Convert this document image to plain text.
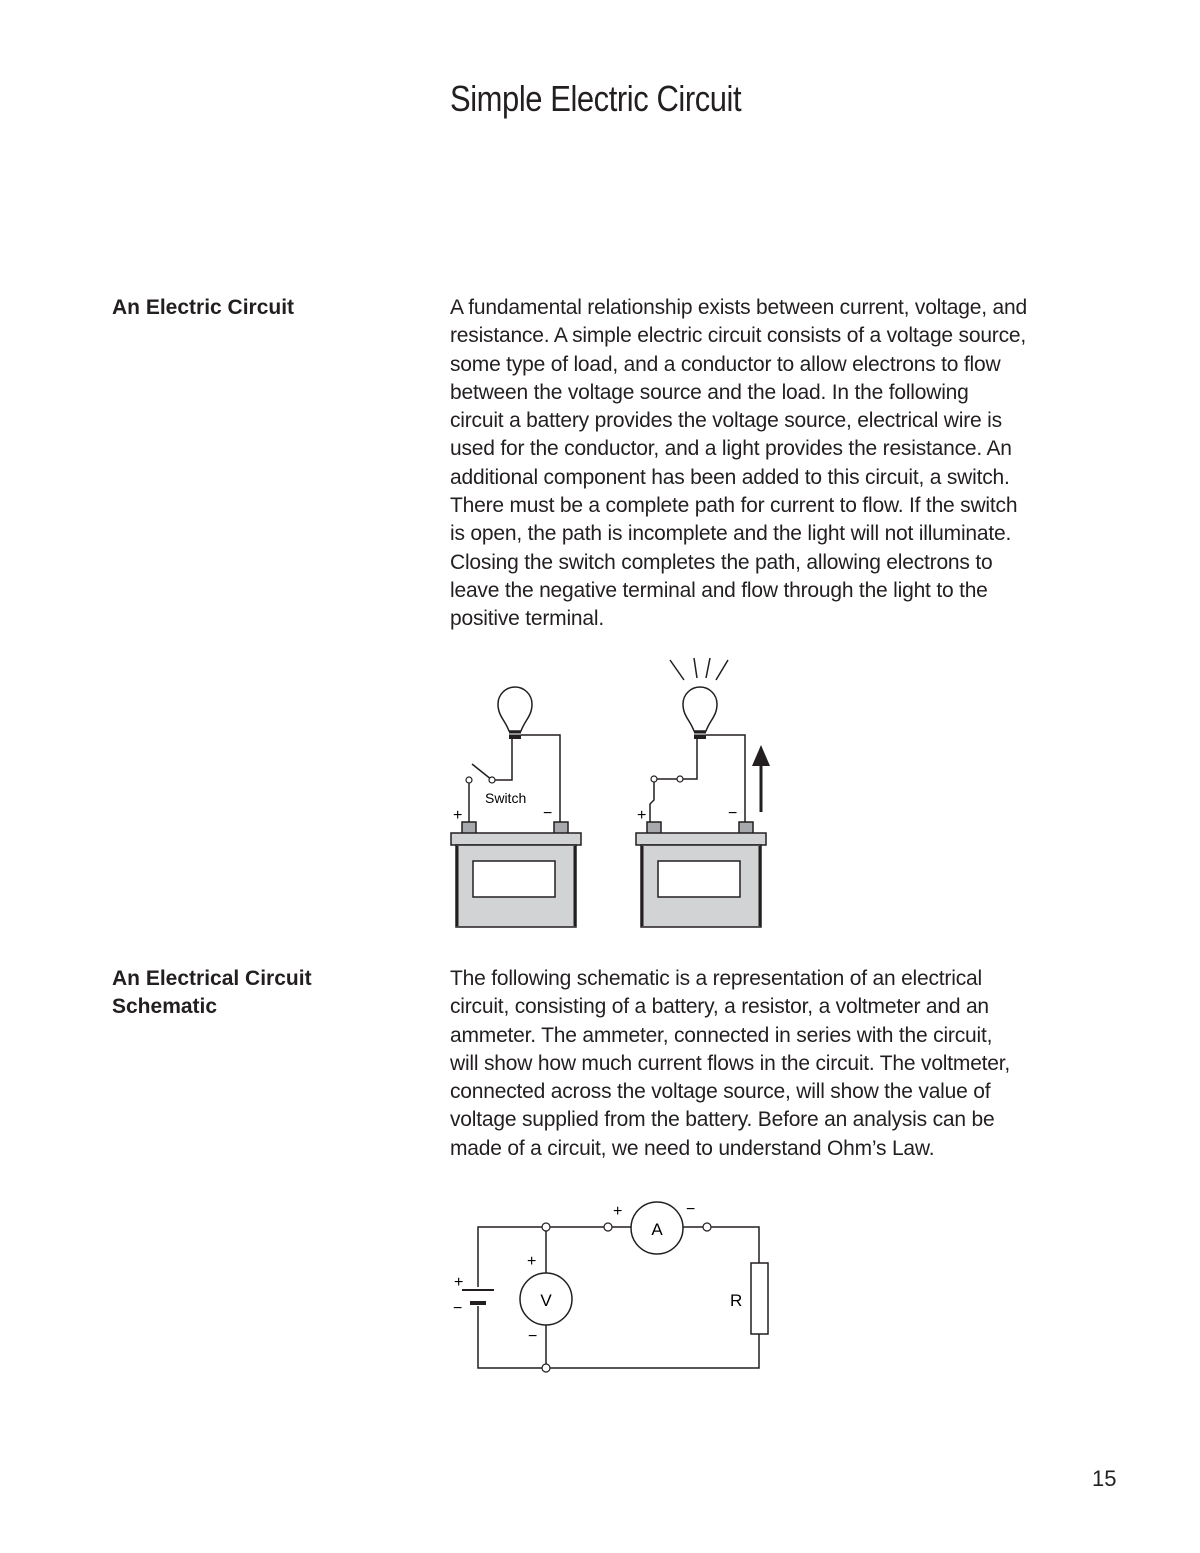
Simple Electric Circuit
An Electric Circuit	A fundamental relationship exists between current, voltage, and
resistance. A simple electric circuit consists of a voltage source,
some type of load, and a conductor to allow electrons to flow
between the voltage source and the load. In the following
circuit a battery provides the voltage source, electrical wire is
used for the conductor, and a light provides the resistance. An
additional component has been added to this circuit, a switch.
There must be a complete path for current to flow. If the switch
is open, the path is incomplete and the light will not illuminate.
Closing the switch completes the path, allowing electrons to
leave the negative terminal and flow through the light to the
positive terminal.
Switch
+	−	+	−
An Electrical Circuit
Schematic
The following schematic is a representation of an electrical
circuit, consisting of a battery, a resistor, a voltmeter and an
ammeter. The ammeter, connected in series with the circuit,
will show how much current flows in the circuit. The voltmeter,
connected across the voltage source, will show the value of
voltage supplied from the battery. Before an analysis can be
made of a circuit, we need to understand Ohm’s Law.
+
−
A
+	−
V
+
−
R

15
